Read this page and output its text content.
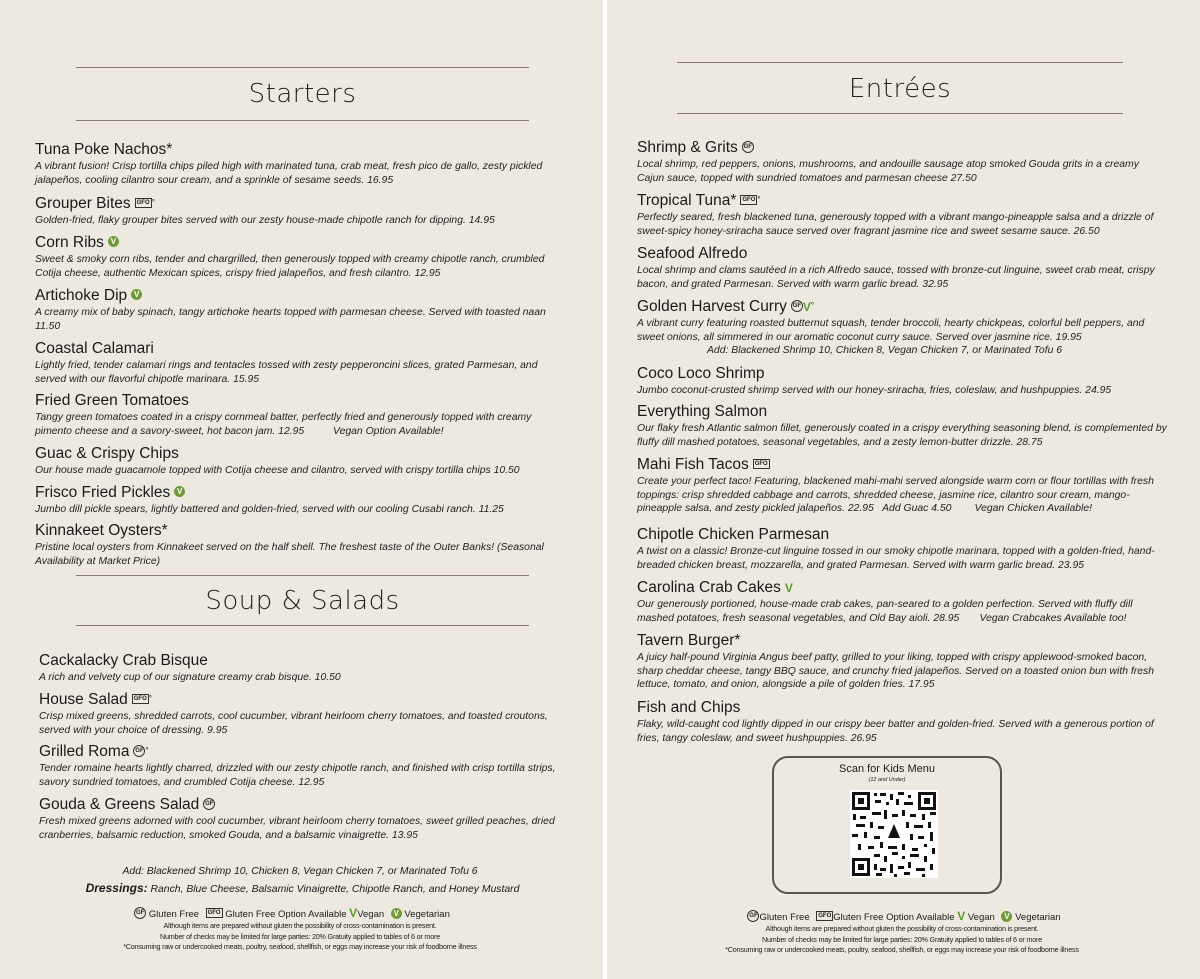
Starters
Tuna Poke Nachos*
A vibrant fusion! Crisp tortilla chips piled high with marinated tuna, crab meat, fresh pico de gallo, zesty pickled jalapeños, cooling cilantro sour cream, and a sprinkle of sesame seeds. 16.95
Grouper Bites GFO °
Golden-fried, flaky grouper bites served with our zesty house-made chipotle ranch for dipping. 14.95
Corn Ribs V
Sweet & smoky corn ribs, tender and chargrilled, then generously topped with creamy chipotle ranch, crumbled Cotija cheese, authentic Mexican spices, crispy fried jalapeños, and fresh cilantro. 12.95
Artichoke Dip V
A creamy mix of baby spinach, tangy artichoke hearts topped with parmesan cheese. Served with toasted naan 11.50
Coastal Calamari
Lightly fried, tender calamari rings and tentacles tossed with zesty pepperoncini slices, grated Parmesan, and served with our flavorful chipotle marinara. 15.95
Fried Green Tomatoes
Tangy green tomatoes coated in a crispy cornmeal batter, perfectly fried and generously topped with creamy pimento cheese and a savory-sweet, hot bacon jam. 12.95          Vegan Option Available!
Guac & Crispy Chips
Our house made guacamole topped with Cotija cheese and cilantro, served with crispy tortilla chips 10.50
Frisco Fried Pickles V
Jumbo dill pickle spears, lightly battered and golden-fried, served with our cooling Cusabi ranch. 11.25
Kinnakeet Oysters*
Pristine local oysters from Kinnakeet served on the half shell. The freshest taste of the Outer Banks! (Seasonal Availability at Market Price)
Soup & Salads
Cackalacky Crab Bisque
A rich and velvety cup of our signature creamy crab bisque. 10.50
House Salad GFO °
Crisp mixed greens, shredded carrots, cool cucumber, vibrant heirloom cherry tomatoes, and toasted croutons, served with your choice of dressing. 9.95
Grilled Roma GF °
Tender romaine hearts lightly charred, drizzled with our zesty chipotle ranch, and finished with crisp tortilla strips, savory sundried tomatoes, and crumbled Cotija cheese. 12.95
Gouda & Greens Salad GF
Fresh mixed greens adorned with cool cucumber, vibrant heirloom cherry tomatoes, sweet grilled peaches, dried cranberries, balsamic reduction, smoked Gouda, and a balsamic vinaigrette. 13.95
Add: Blackened Shrimp 10, Chicken 8, Vegan Chicken 7, or Marinated Tofu 6
Dressings: Ranch, Blue Cheese, Balsamic Vinaigrette, Chipotle Ranch, and Honey Mustard
GF Gluten Free GFO Gluten Free Option Available VVegan V Vegetarian
Although items are prepared without gluten the possibility of cross-contamination is present.
Number of checks may be limited for large parties: 20% Gratuity applied to tables of 6 or more
*Consuming raw or undercooked meats, poultry, seafood, shellfish, or eggs may increase your risk of foodborne illness
Entrées
Shrimp & Grits GF
Local shrimp, red peppers, onions, mushrooms, and andouille sausage atop smoked Gouda grits in a creamy Cajun sauce, topped with sundried tomatoes and parmesan cheese 27.50
Tropical Tuna* GFO °
Perfectly seared, fresh blackened tuna, generously topped with a vibrant mango-pineapple salsa and a drizzle of sweet-spicy honey-sriracha sauce served over fragrant jasmine rice and sweet sesame sauce. 26.50
Seafood Alfredo
Local shrimp and clams sautéed in a rich Alfredo sauce, tossed with bronze-cut linguine, sweet crab meat, crispy bacon, and grated Parmesan. Served with warm garlic bread. 32.95
Golden Harvest Curry GF V°
A vibrant curry featuring roasted butternut squash, tender broccoli, hearty chickpeas, colorful bell peppers, and sweet onions, all simmered in our aromatic coconut curry sauce. Served over jasmine rice. 19.95
Add: Blackened Shrimp 10, Chicken 8, Vegan Chicken 7, or Marinated Tofu 6
Coco Loco Shrimp
Jumbo coconut-crusted shrimp served with our honey-sriracha, fries, coleslaw, and hushpuppies. 24.95
Everything Salmon
Our flaky fresh Atlantic salmon fillet, generously coated in a crispy everything seasoning blend, is complemented by fluffy dill mashed potatoes, seasonal vegetables, and a zesty lemon-butter drizzle. 28.75
Mahi Fish Tacos GFO
Create your perfect taco! Featuring, blackened mahi-mahi served alongside warm corn or flour tortillas with fresh toppings: crisp shredded cabbage and carrots, shredded cheese, jasmine rice, cilantro sour cream, mango-pineapple salsa, and zesty pickled jalapeños. 22.95   Add Guac 4.50        Vegan Chicken Available!
Chipotle Chicken Parmesan
A twist on a classic! Bronze-cut linguine tossed in our smoky chipotle marinara, topped with a golden-fried, hand-breaded chicken breast, mozzarella, and grated Parmesan. Served with warm garlic bread. 23.95
Carolina Crab Cakes V
Our generously portioned, house-made crab cakes, pan-seared to a golden perfection. Served with fluffy dill mashed potatoes, fresh seasonal vegetables, and Old Bay aioli. 28.95       Vegan Crabcakes Available too!
Tavern Burger*
A juicy half-pound Virginia Angus beef patty, grilled to your liking, topped with crispy applewood-smoked bacon, sharp cheddar cheese, tangy BBQ sauce, and crunchy fried jalapeños. Served on a toasted onion bun with fresh lettuce, tomato, and onion, alongside a pile of golden fries. 17.95
Fish and Chips
Flaky, wild-caught cod lightly dipped in our crispy beer batter and golden-fried. Served with a generous portion of fries, tangy coleslaw, and sweet hushpuppies. 26.95
Scan for Kids Menu
(12 and Under)
GF Gluten Free GFO Gluten Free Option Available V Vegan V Vegetarian
Although items are prepared without gluten the possibility of cross-contamination is present.
Number of checks may be limited for large parties: 20% Gratuity applied to tables of 6 or more
*Consuming raw or undercooked meats, poultry, seafood, shellfish, or eggs may increase your risk of foodborne illness
